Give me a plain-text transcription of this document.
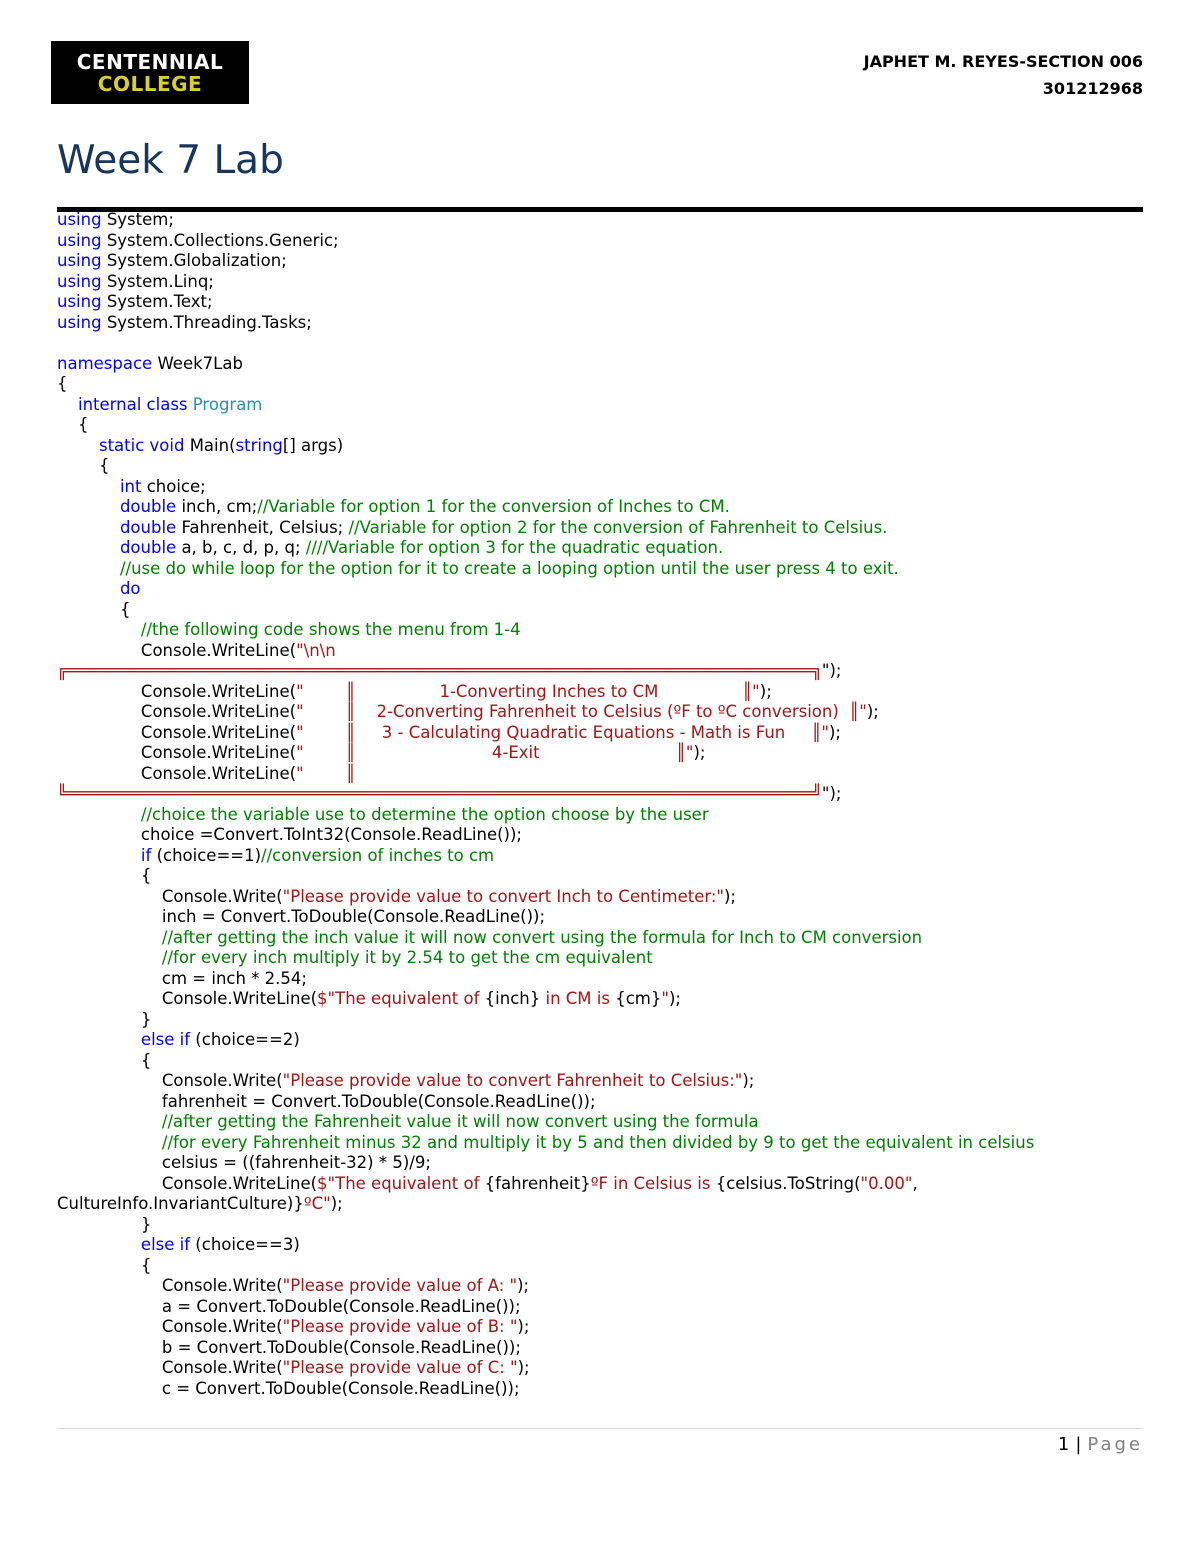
CENTENNIAL
COLLEGE
JAPHET M. REYES-SECTION 006
301212968
Week 7 Lab
using System;
using System.Collections.Generic;
using System.Globalization;
using System.Linq;
using System.Text;
using System.Threading.Tasks;
namespace Week7Lab
{
internal class Program
{
static void Main(string[] args)
{
int choice;
double inch, cm;//Variable for option 1 for the conversion of Inches to CM.
double Fahrenheit, Celsius; //Variable for option 2 for the conversion of Fahrenheit to Celsius.
double a, b, c, d, p, q; ////Variable for option 3 for the quadratic equation.
//use do while loop for the option for it to create a looping option until the user press 4 to exit.
do
{
//the following code shows the menu from 1-4
Console.WriteLine("\n\n
╔═══════════════════════════════════════════════════════════════════════════╗");
Console.WriteLine("        ║                1-Converting Inches to CM                ║");
Console.WriteLine("        ║    2-Converting Fahrenheit to Celsius (ºF to ºC conversion)  ║");
Console.WriteLine("        ║     3 - Calculating Quadratic Equations - Math is Fun     ║");
Console.WriteLine("        ║                          4-Exit                          ║");
Console.WriteLine("        ║
╚═══════════════════════════════════════════════════════════════════════════╝");
//choice the variable use to determine the option choose by the user
choice =Convert.ToInt32(Console.ReadLine());
if (choice==1)//conversion of inches to cm
{
Console.Write("Please provide value to convert Inch to Centimeter:");
inch = Convert.ToDouble(Console.ReadLine());
//after getting the inch value it will now convert using the formula for Inch to CM conversion
//for every inch multiply it by 2.54 to get the cm equivalent
cm = inch * 2.54;
Console.WriteLine($"The equivalent of {inch} in CM is {cm}");
}
else if (choice==2)
{
Console.Write("Please provide value to convert Fahrenheit to Celsius:");
fahrenheit = Convert.ToDouble(Console.ReadLine());
//after getting the Fahrenheit value it will now convert using the formula
//for every Fahrenheit minus 32 and multiply it by 5 and then divided by 9 to get the equivalent in celsius
celsius = ((fahrenheit-32) * 5)/9;
Console.WriteLine($"The equivalent of {fahrenheit}ºF in Celsius is {celsius.ToString("0.00",
CultureInfo.InvariantCulture)}ºC");
}
else if (choice==3)
{
Console.Write("Please provide value of A: ");
a = Convert.ToDouble(Console.ReadLine());
Console.Write("Please provide value of B: ");
b = Convert.ToDouble(Console.ReadLine());
Console.Write("Please provide value of C: ");
c = Convert.ToDouble(Console.ReadLine());
1 | Page
